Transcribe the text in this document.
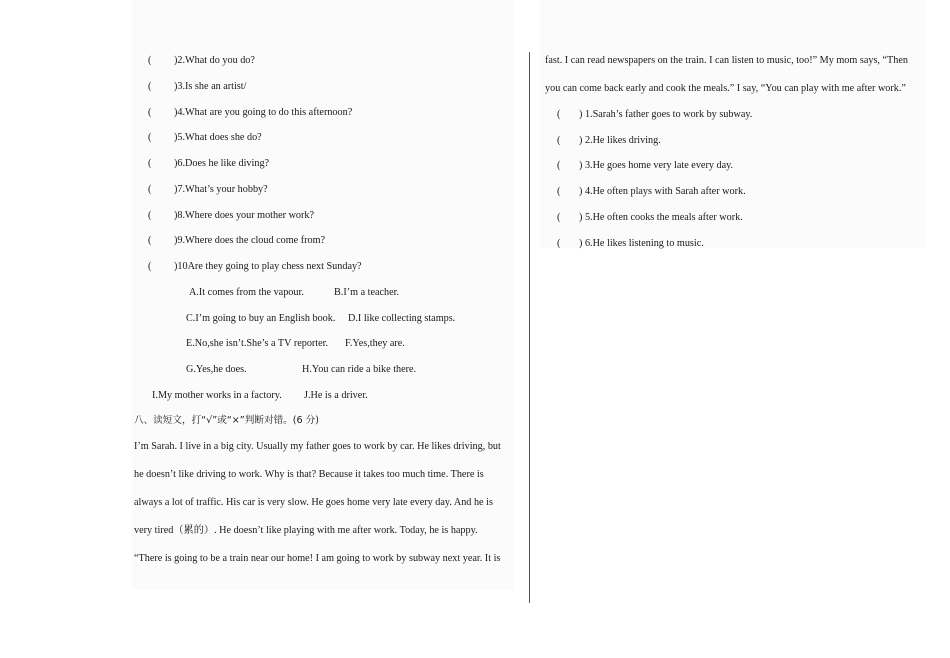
( )2.What do you do?
( )3.Is she an artist/
( )4.What are you going to do this afternoon?
( )5.What does she do?
( )6.Does he like diving?
( )7.What’s your hobby?
( )8.Where does your mother work?
( )9.Where does the cloud come from?
( )10Are they going to play chess next Sunday?
A.It comes from the vapour.	B.I’m a teacher.
C.I’m going to buy an English book. D.I like collecting stamps.
E.No,she isn’t.She’s a TV reporter. F.Yes,they are.
G.Yes,he does.	H.You can ride a bike there.
I.My mother works in a factory. J.He is a driver.
八、读短文，打“√”或“×”判断对错。(6 分)
I’m Sarah. I live in a big city. Usually my father goes to work by car. He likes driving, but
he doesn’t like driving to work. Why is that? Because it takes too much time. There is
always a lot of traffic. His car is very slow. He goes home very late every day. And he is
very tired（累的）. He doesn’t like playing with me after work. Today, he is happy.
“There is going to be a train near our home! I am going to work by subway next year. It is
fast. I can read newspapers on the train. I can listen to music, too!” My mom says, “Then
you can come back early and cook the meals.” I say, “You can play with me after work.”
( ) 1.Sarah’s father goes to work by subway.
( ) 2.He likes driving.
( ) 3.He goes home very late every day.
( ) 4.He often plays with Sarah after work.
( ) 5.He often cooks the meals after work.
( ) 6.He likes listening to music.
